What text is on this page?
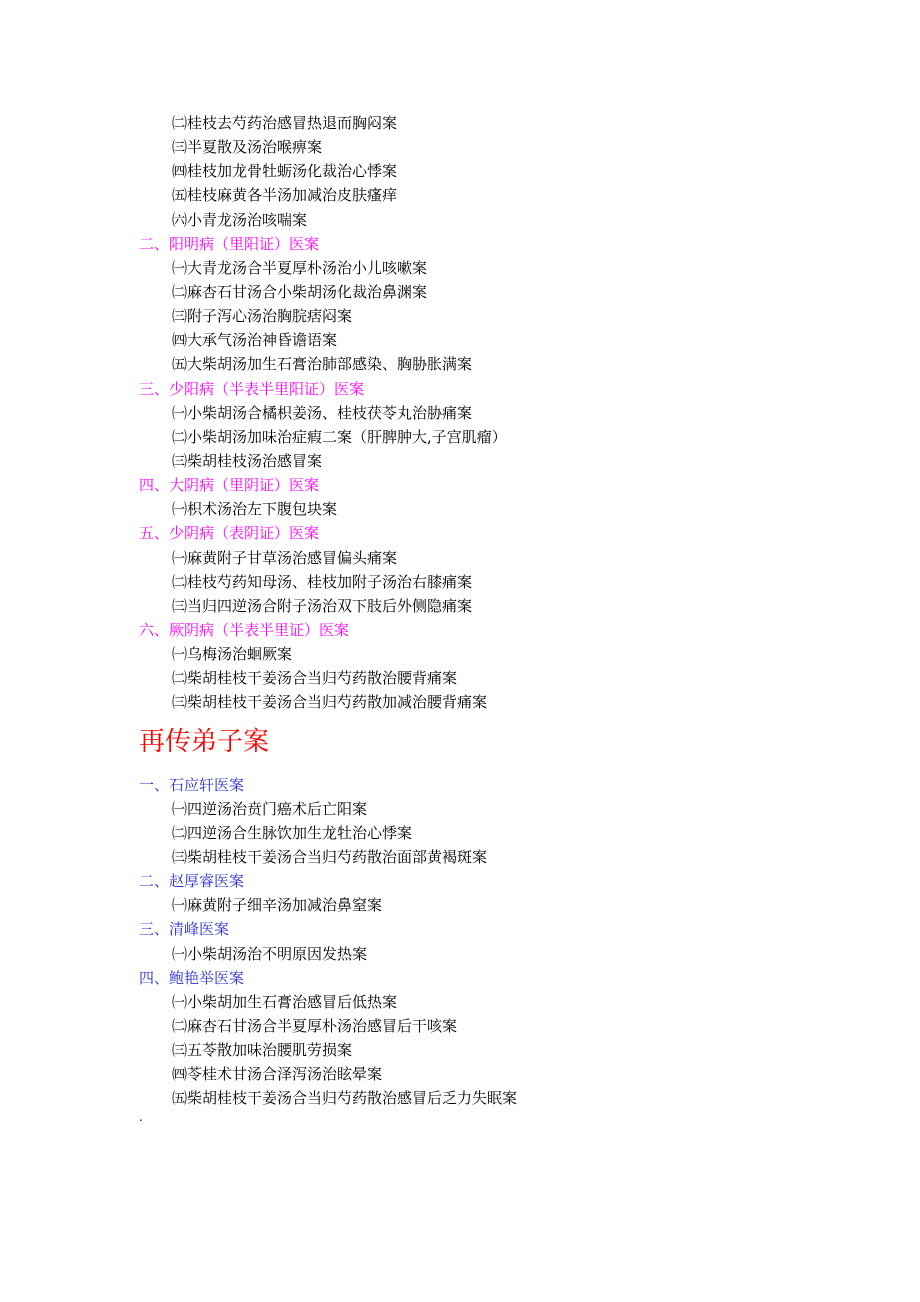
㈡桂枝去芍药治感冒热退而胸闷案
㈢半夏散及汤治喉痹案
㈣桂枝加龙骨牡蛎汤化裁治心悸案
㈤桂枝麻黄各半汤加减治皮肤瘙痒
㈥小青龙汤治咳喘案
二、阳明病（里阳证）医案
㈠大青龙汤合半夏厚朴汤治小儿咳嗽案
㈡麻杏石甘汤合小柴胡汤化裁治鼻渊案
㈢附子泻心汤治胸脘痞闷案
㈣大承气汤治神昏谵语案
㈤大柴胡汤加生石膏治肺部感染、胸胁胀满案
三、少阳病（半表半里阳证）医案
㈠小柴胡汤合橘枳姜汤、桂枝茯苓丸治胁痛案
㈡小柴胡汤加味治症瘕二案（肝脾肿大,子宫肌瘤）
㈢柴胡桂枝汤治感冒案
四、大阴病（里阴证）医案
㈠枳术汤治左下腹包块案
五、少阴病（表阴证）医案
㈠麻黄附子甘草汤治感冒偏头痛案
㈡桂枝芍药知母汤、桂枝加附子汤治右膝痛案
㈢当归四逆汤合附子汤治双下肢后外侧隐痛案
六、厥阴病（半表半里证）医案
㈠乌梅汤治蛔厥案
㈡柴胡桂枝干姜汤合当归芍药散治腰背痛案
㈢柴胡桂枝干姜汤合当归芍药散加减治腰背痛案
再传弟子案
一、石应轩医案
㈠四逆汤治贲门癌术后亡阳案
㈡四逆汤合生脉饮加生龙牡治心悸案
㈢柴胡桂枝干姜汤合当归芍药散治面部黄褐斑案
二、赵厚睿医案
㈠麻黄附子细辛汤加减治鼻窒案
三、清峰医案
㈠小柴胡汤治不明原因发热案
四、鲍艳举医案
㈠小柴胡加生石膏治感冒后低热案
㈡麻杏石甘汤合半夏厚朴汤治感冒后干咳案
㈢五苓散加味治腰肌劳损案
㈣苓桂术甘汤合泽泻汤治眩晕案
㈤柴胡桂枝干姜汤合当归芍药散治感冒后乏力失眠案
.
